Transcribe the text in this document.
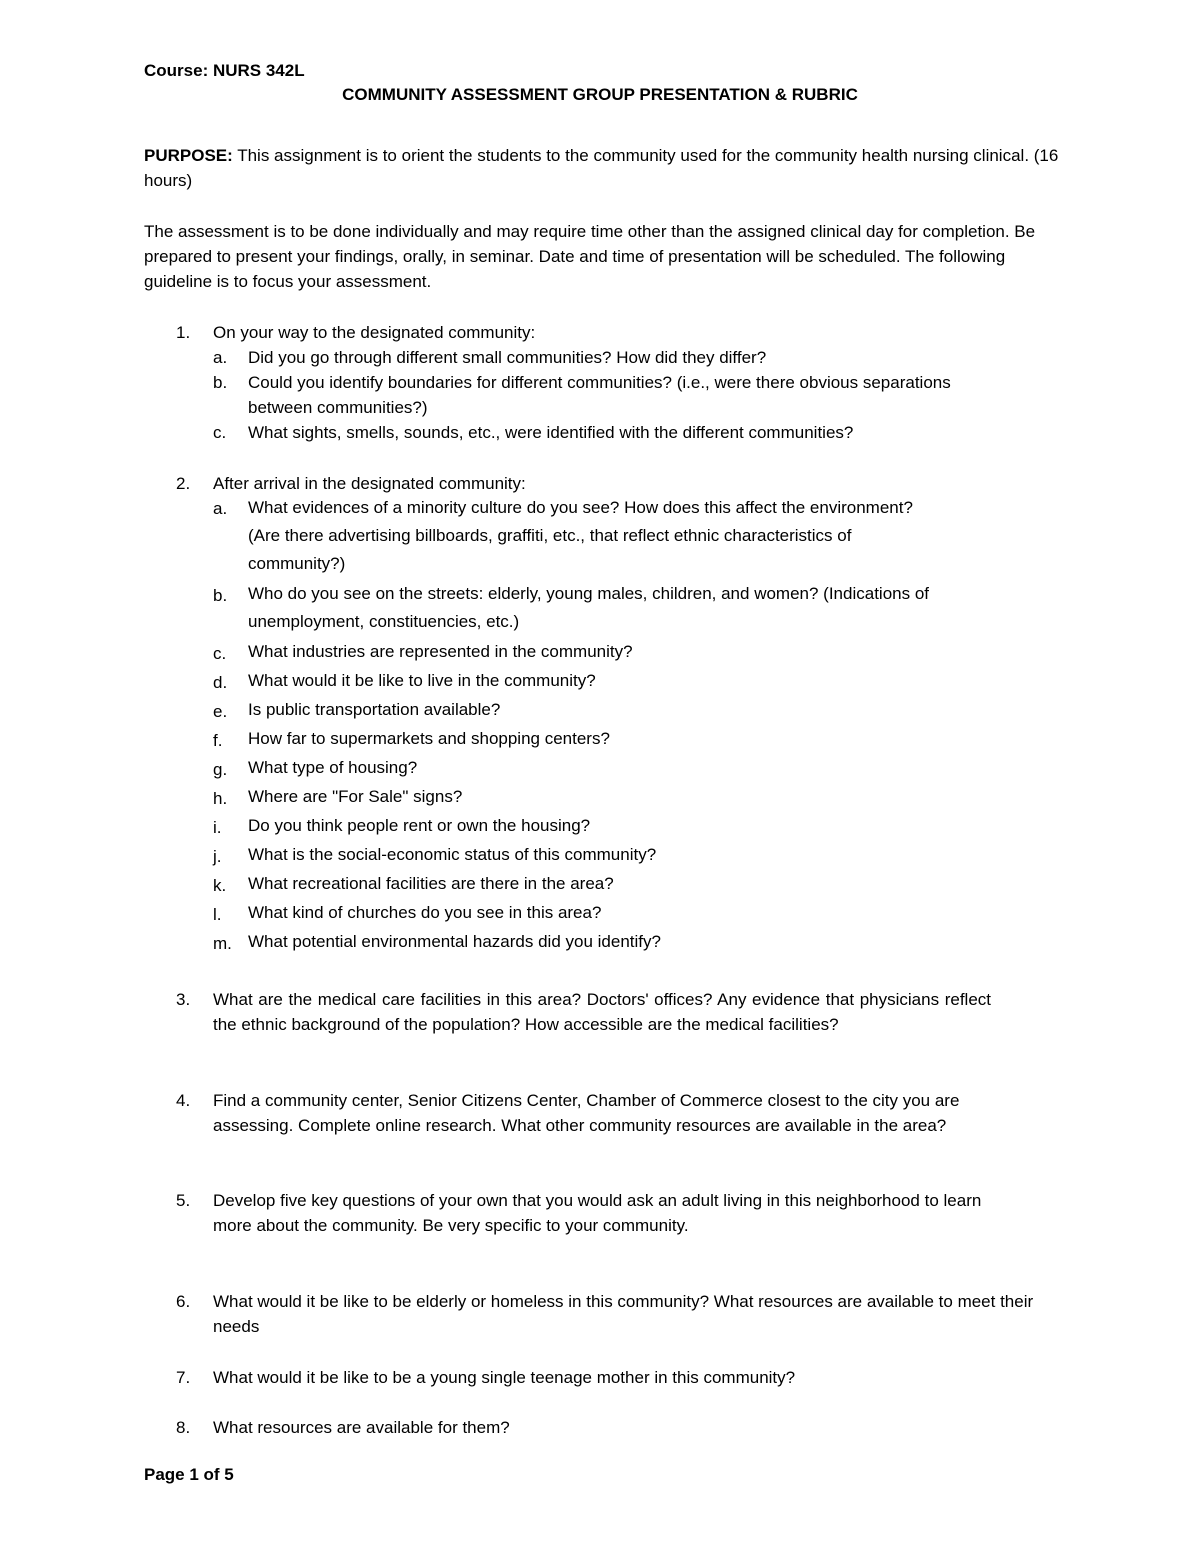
Course: NURS 342L
COMMUNITY ASSESSMENT GROUP PRESENTATION & RUBRIC
PURPOSE: This assignment is to orient the students to the community used for the community health nursing clinical. (16 hours)
The assessment is to be done individually and may require time other than the assigned clinical day for completion. Be prepared to present your findings, orally, in seminar. Date and time of presentation will be scheduled. The following guideline is to focus your assessment.
1. On your way to the designated community:
a. Did you go through different small communities? How did they differ?
b. Could you identify boundaries for different communities? (i.e., were there obvious separations between communities?)
c. What sights, smells, sounds, etc., were identified with the different communities?
2. After arrival in the designated community:
a. What evidences of a minority culture do you see? How does this affect the environment? (Are there advertising billboards, graffiti, etc., that reflect ethnic characteristics of community?)
b. Who do you see on the streets: elderly, young males, children, and women? (Indications of unemployment, constituencies, etc.)
c. What industries are represented in the community?
d. What would it be like to live in the community?
e. Is public transportation available?
f. How far to supermarkets and shopping centers?
g. What type of housing?
h. Where are "For Sale" signs?
i. Do you think people rent or own the housing?
j. What is the social-economic status of this community?
k. What recreational facilities are there in the area?
l. What kind of churches do you see in this area?
m. What potential environmental hazards did you identify?
3. What are the medical care facilities in this area? Doctors' offices? Any evidence that physicians reflect the ethnic background of the population? How accessible are the medical facilities?
4. Find a community center, Senior Citizens Center, Chamber of Commerce closest to the city you are assessing. Complete online research. What other community resources are available in the area?
5. Develop five key questions of your own that you would ask an adult living in this neighborhood to learn more about the community. Be very specific to your community.
6. What would it be like to be elderly or homeless in this community? What resources are available to meet their needs
7. What would it be like to be a young single teenage mother in this community?
8. What resources are available for them?
Page 1 of 5
